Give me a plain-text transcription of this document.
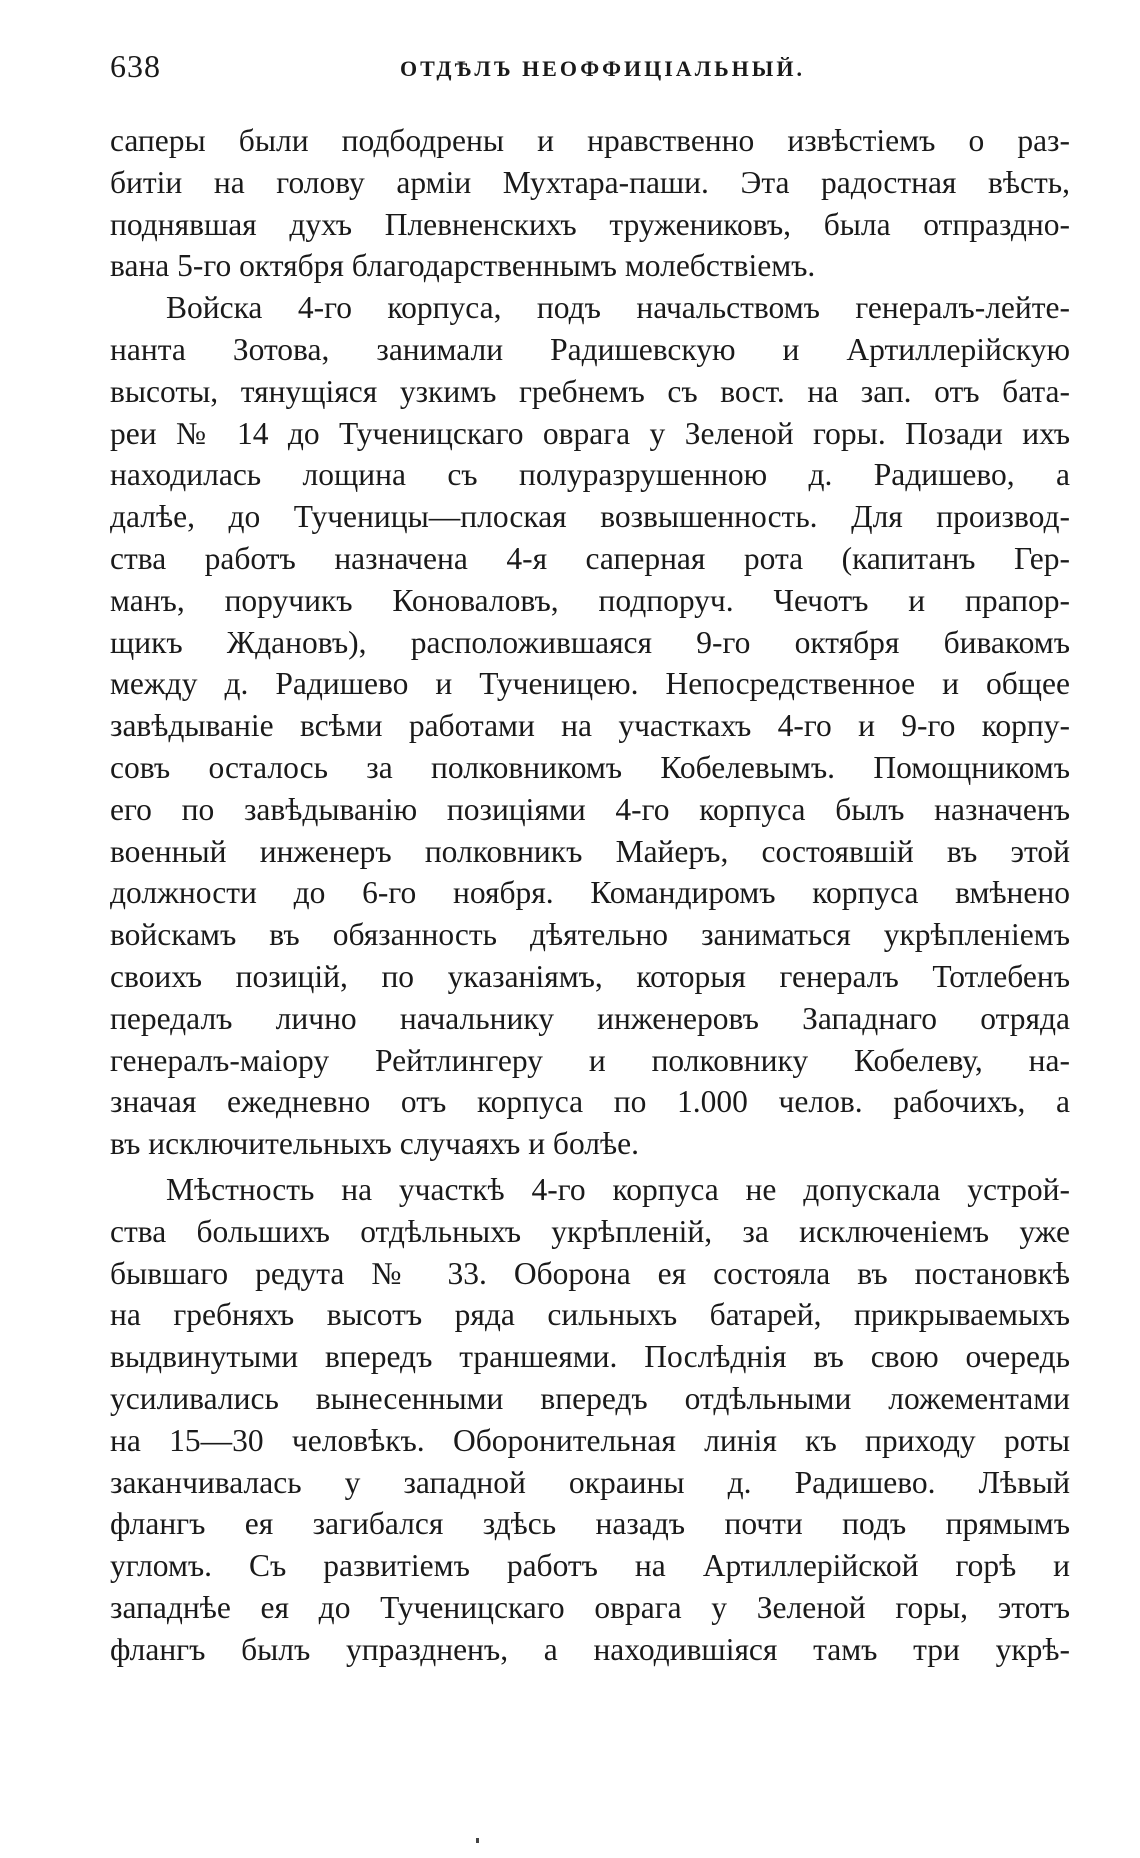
638	ОТДѢЛЪ НЕОФФИЦІАЛЬНЫЙ.
саперы были подбодрены и нравственно извѣстіемъ о раз-
битіи на голову арміи Мухтара-паши. Эта радостная вѣсть,
поднявшая духъ Плевненскихъ тружениковъ, была отпраздно-
вана 5-го октября благодарственнымъ молебствіемъ.
Войска 4-го корпуса, подъ начальствомъ генералъ-лейте-
нанта Зотова, занимали Радишевскую и Артиллерійскую
высоты, тянущіяся узкимъ гребнемъ съ вост. на зап. отъ бата-
реи № 14 до Тученицскаго оврага у Зеленой горы. Позади ихъ
находилась лощина съ полуразрушенною д. Радишево, а
далѣе, до Тученицы—плоская возвышенность. Для производ-
ства работъ назначена 4-я саперная рота (капитанъ Гер-
манъ, поручикъ Коноваловъ, подпоруч. Чечотъ и прапор-
щикъ Ждановъ), расположившаяся 9-го октября бивакомъ
между д. Радишево и Тученицею. Непосредственное и общее
завѣдываніе всѣми работами на участкахъ 4-го и 9-го корпу-
совъ осталось за полковникомъ Кобелевымъ. Помощникомъ
его по завѣдыванію позиціями 4-го корпуса былъ назначенъ
военный инженеръ полковникъ Майеръ, состоявшій въ этой
должности до 6-го ноября. Командиромъ корпуса вмѣнено
войскамъ въ обязанность дѣятельно заниматься укрѣпленіемъ
своихъ позицій, по указаніямъ, которыя генералъ Тотлебенъ
передалъ лично начальнику инженеровъ Западнаго отряда
генералъ-маіору Рейтлингеру и полковнику Кобелеву, на-
значая ежедневно отъ корпуса по 1.000 челов. рабочихъ, а
въ исключительныхъ случаяхъ и болѣе.
Мѣстность на участкѣ 4-го корпуса не допускала устрой-
ства большихъ отдѣльныхъ укрѣпленій, за исключеніемъ уже
бывшаго редута № 33. Оборона ея состояла въ постановкѣ
на гребняхъ высотъ ряда сильныхъ батарей, прикрываемыхъ
выдвинутыми впередъ траншеями. Послѣднія въ свою очередь
усиливались вынесенными впередъ отдѣльными ложементами
на 15—30 человѣкъ. Оборонительная линія къ приходу роты
заканчивалась у западной окраины д. Радишево. Лѣвый
флангъ ея загибался здѣсь назадъ почти подъ прямымъ
угломъ. Съ развитіемъ работъ на Артиллерійской горѣ и
западнѣе ея до Тученицскаго оврага у Зеленой горы, этотъ
флангъ былъ упраздненъ, а находившіяся тамъ три укрѣ-
